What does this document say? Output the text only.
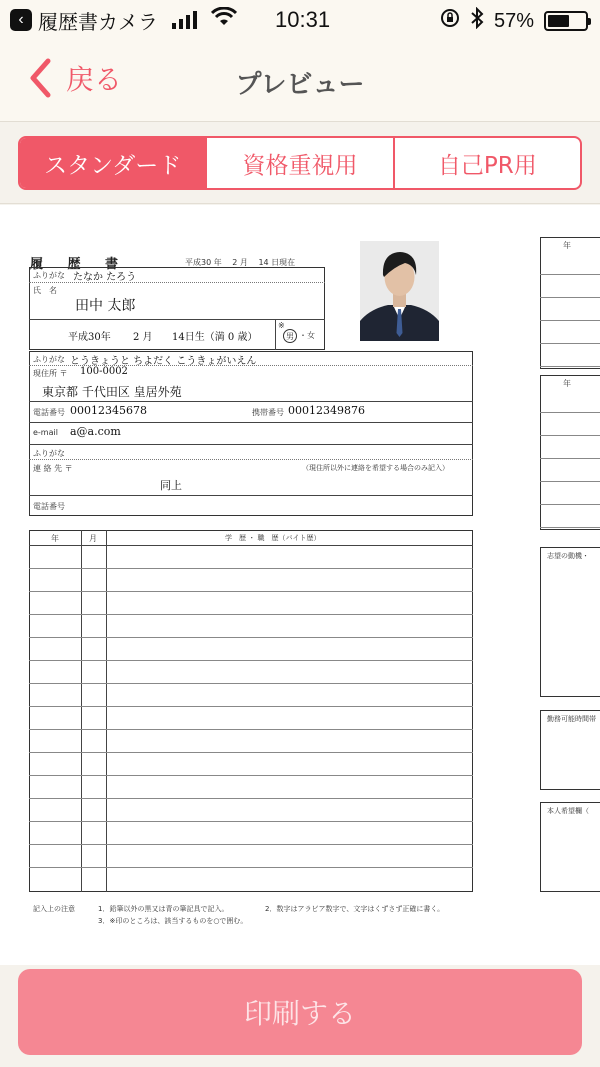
‹ 履歴書カメラ	10:31	57%
戻る	プレビュー
スタンダード	資格重視用	自己PR用
履 歴 書	平成30 年　 2 月　 14 日現在
ふりがな たなか たろう
氏　名
田中 太郎
平成30年 2 月 14日生（満 0 歳）
※
男 ・ 女
ふりがな とうきょうと ちよだく こうきょがいえん
現住所 〒 100-0002
東京都 千代田区 皇居外苑
電話番号 00012345678	携帯番号 00012349876
e-mail a@a.com
ふりがな
連 絡 先 〒	（現住所以外に連絡を希望する場合のみ記入）
同上
電話番号
年	月	学　歴 ・ 職　歴（バイト歴）
記入上の注意	1．鉛筆以外の黒又は青の筆記具で記入。	2．数字はアラビア数字で、文字はくずさず正確に書く。
3．※印のところは、該当するものを○で囲む。
年
年
志望の動機・
勤務可能時間帯
本人希望欄（
印刷する
